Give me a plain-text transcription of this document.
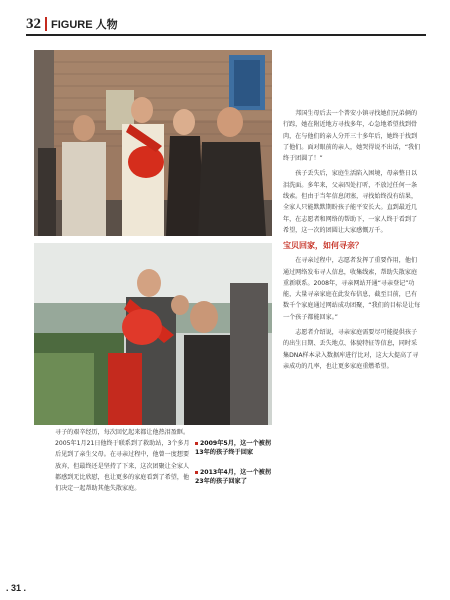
32 FIGURE 人物
寻子的艰辛经历，每次回忆起来都让他热泪盈眶。2005年1月21日他终于联系到了救助站，3个多月后见到了亲生父母。在寻亲过程中，他曾一度想要放弃，但最终还是坚持了下来，这次团聚让全家人都感到无比欣慰，也让更多的家庭看到了希望，他们决定一起帮助其他失散家庭。
2009年5月，这一个被拐13年的孩子终于回家
2013年4月，这一个被拐23年的孩子回家了

邦国生母后去一个普安小镇寻找她们兄弟俩的行踪，她在附近地方寻找多年，心急地希望找到骨肉，在与他们的亲人分开三十多年后，她终于找到了他们。面对眼前的亲人，她哭得说不出话，“我们终于团圆了！”

孩子丢失后，家庭生活陷入困境，母亲整日以泪洗面。多年来，父亲四处打听，不放过任何一条线索。但由于当年信息闭塞，寻找始终没有结果，全家人只能默默期盼孩子能平安长大。直到最近几年，在志愿者和网络的帮助下，一家人终于看到了希望，这一次的团圆让大家感慨万千。

宝贝回家，如何寻亲？

在寻亲过程中，志愿者发挥了重要作用，他们通过网络发布寻人信息，收集线索，帮助失散家庭重新联系。2008年，寻亲网站开通“寻亲登记”功能，大量寻亲家庭在此发布信息，截至目前，已有数千个家庭通过网站成功团聚，“我们的目标是让每一个孩子都能回家。”

志愿者介绍说，寻亲家庭需要尽可能提供孩子的出生日期、丢失地点、体貌特征等信息，同时采集DNA样本录入数据库进行比对，这大大提高了寻亲成功的几率，也让更多家庭重燃希望。

. 31 .
